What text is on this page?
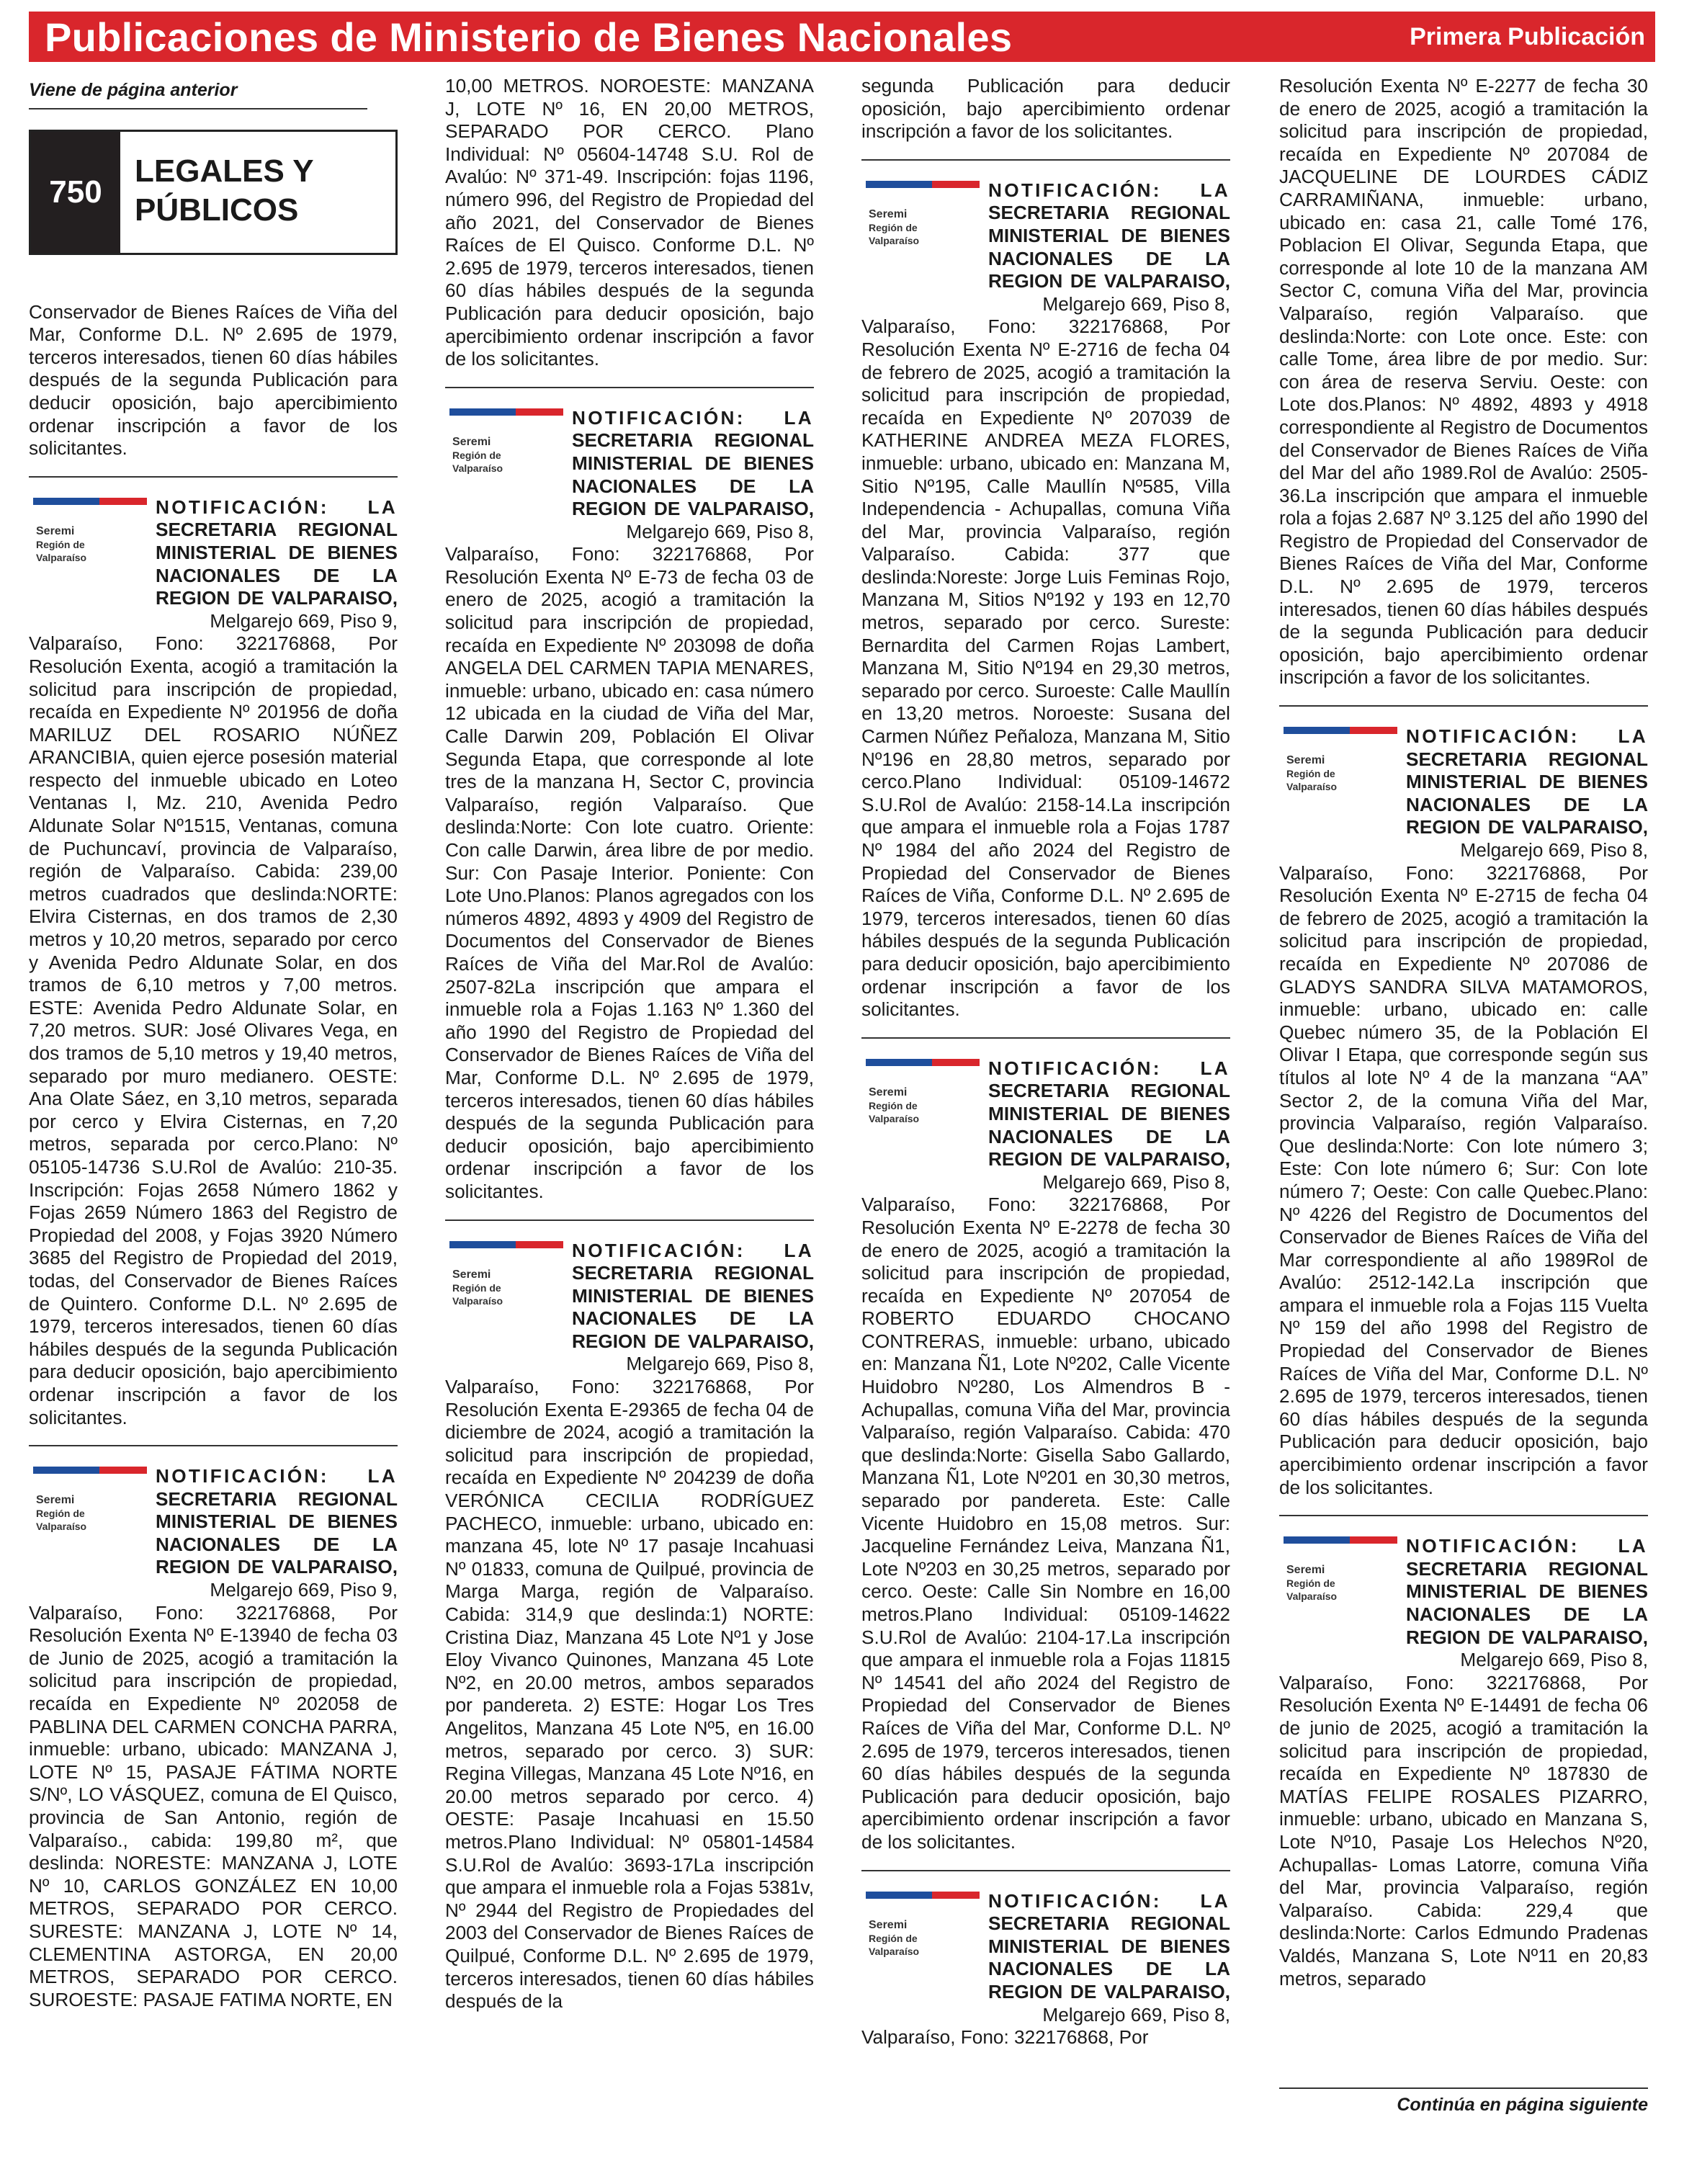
Publicaciones de Ministerio de Bienes Nacionales	Primera Publicación
Viene de página anterior
750
LEGALES Y
PÚBLICOS
Conservador de Bienes Raíces de Viña del Mar, Conforme D.L. Nº 2.695 de 1979, terceros interesados, tienen 60 días hábiles después de la segunda Publicación para deducir oposición, bajo apercibimiento ordenar inscripción a favor de los solicitantes.
Seremi
Región de
Valparaíso
NOTIFICACIÓN: LA
SECRETARIA REGIONAL
MINISTERIAL DE BIENES
NACIONALES DE LA
REGION DE VALPARAISO,
Melgarejo 669, Piso 9,
Valparaíso, Fono: 322176868, Por Resolución Exenta, acogió a tramitación la solicitud para inscripción de propiedad, recaída en Expediente Nº 201956 de doña MARILUZ DEL ROSARIO NÚÑEZ ARANCIBIA, quien ejerce posesión material respecto del inmueble ubicado en Loteo Ventanas I, Mz. 210, Avenida Pedro Aldunate Solar Nº1515, Ventanas, comuna de Puchuncaví, provincia de Valparaíso, región de Valparaíso. Cabida: 239,00 metros cuadrados que deslinda:NORTE: Elvira Cisternas, en dos tramos de 2,30 metros y 10,20 metros, separado por cerco y Avenida Pedro Aldunate Solar, en dos tramos de 6,10 metros y 7,00 metros. ESTE: Avenida Pedro Aldunate Solar, en 7,20 metros. SUR: José Olivares Vega, en dos tramos de 5,10 metros y 19,40 metros, separado por muro medianero. OESTE: Ana Olate Sáez, en 3,10 metros, separada por cerco y Elvira Cisternas, en 7,20 metros, separada por cerco.Plano: Nº 05105-14736 S.U.Rol de Avalúo: 210-35. Inscripción: Fojas 2658 Número 1862 y Fojas 2659 Número 1863 del Registro de Propiedad del 2008, y Fojas 3920 Número 3685 del Registro de Propiedad del 2019, todas, del Conservador de Bienes Raíces de Quintero. Conforme D.L. Nº 2.695 de 1979, terceros interesados, tienen 60 días hábiles después de la segunda Publicación para deducir oposición, bajo apercibimiento ordenar inscripción a favor de los solicitantes.
Seremi
Región de
Valparaíso
NOTIFICACIÓN: LA
SECRETARIA REGIONAL
MINISTERIAL DE BIENES
NACIONALES DE LA
REGION DE VALPARAISO,
Melgarejo 669, Piso 9,
Valparaíso, Fono: 322176868, Por Resolución Exenta Nº E-13940 de fecha 03 de Junio de 2025, acogió a tramitación la solicitud para inscripción de propiedad, recaída en Expediente Nº 202058 de PABLINA DEL CARMEN CONCHA PARRA, inmueble: urbano, ubicado: MANZANA J, LOTE Nº 15, PASAJE FÁTIMA NORTE S/Nº, LO VÁSQUEZ, comuna de El Quisco, provincia de San Antonio, región de Valparaíso., cabida: 199,80 m², que deslinda: NORESTE: MANZANA J, LOTE Nº 10, CARLOS GONZÁLEZ EN 10,00 METROS, SEPARADO POR CERCO. SURESTE: MANZANA J, LOTE Nº 14, CLEMENTINA ASTORGA, EN 20,00 METROS, SEPARADO POR CERCO. SUROESTE: PASAJE FATIMA NORTE, EN
10,00 METROS. NOROESTE: MANZANA J, LOTE Nº 16, EN 20,00 METROS, SEPARADO POR CERCO. Plano Individual: Nº 05604-14748 S.U. Rol de Avalúo: Nº 371-49. Inscripción: fojas 1196, número 996, del Registro de Propiedad del año 2021, del Conservador de Bienes Raíces de El Quisco. Conforme D.L. Nº 2.695 de 1979, terceros interesados, tienen 60 días hábiles después de la segunda Publicación para deducir oposición, bajo apercibimiento ordenar inscripción a favor de los solicitantes.
Seremi
Región de
Valparaíso
NOTIFICACIÓN: LA
SECRETARIA REGIONAL
MINISTERIAL DE BIENES
NACIONALES DE LA
REGION DE VALPARAISO,
Melgarejo 669, Piso 8,
Valparaíso, Fono: 322176868, Por Resolución Exenta Nº E-73 de fecha 03 de enero de 2025, acogió a tramitación la solicitud para inscripción de propiedad, recaída en Expediente Nº 203098 de doña ANGELA DEL CARMEN TAPIA MENARES, inmueble: urbano, ubicado en: casa número 12 ubicada en la ciudad de Viña del Mar, Calle Darwin 209, Población El Olivar Segunda Etapa, que corresponde al lote tres de la manzana H, Sector C, provincia Valparaíso, región Valparaíso. Que deslinda:Norte: Con lote cuatro. Oriente: Con calle Darwin, área libre de por medio. Sur: Con Pasaje Interior. Poniente: Con Lote Uno.Planos: Planos agregados con los números 4892, 4893 y 4909 del Registro de Documentos del Conservador de Bienes Raíces de Viña del Mar.Rol de Avalúo: 2507-82La inscripción que ampara el inmueble rola a Fojas 1.163 Nº 1.360 del año 1990 del Registro de Propiedad del Conservador de Bienes Raíces de Viña del Mar, Conforme D.L. Nº 2.695 de 1979, terceros interesados, tienen 60 días hábiles después de la segunda Publicación para deducir oposición, bajo apercibimiento ordenar inscripción a favor de los solicitantes.
Seremi
Región de
Valparaíso
NOTIFICACIÓN: LA
SECRETARIA REGIONAL
MINISTERIAL DE BIENES
NACIONALES DE LA
REGION DE VALPARAISO,
Melgarejo 669, Piso 8,
Valparaíso, Fono: 322176868, Por Resolución Exenta E-29365 de fecha 04 de diciembre de 2024, acogió a tramitación la solicitud para inscripción de propiedad, recaída en Expediente Nº 204239 de doña VERÓNICA CECILIA RODRÍGUEZ PACHECO, inmueble: urbano, ubicado en: manzana 45, lote Nº 17 pasaje Incahuasi Nº 01833, comuna de Quilpué, provincia de Marga Marga, región de Valparaíso. Cabida: 314,9 que deslinda:1) NORTE: Cristina Diaz, Manzana 45 Lote Nº1 y Jose Eloy Vivanco Quinones, Manzana 45 Lote Nº2, en 20.00 metros, ambos separados por pandereta. 2) ESTE: Hogar Los Tres Angelitos, Manzana 45 Lote Nº5, en 16.00 metros, separado por cerco. 3) SUR: Regina Villegas, Manzana 45 Lote Nº16, en 20.00 metros separado por cerco. 4) OESTE: Pasaje Incahuasi en 15.50 metros.Plano Individual: Nº 05801-14584 S.U.Rol de Avalúo: 3693-17La inscripción que ampara el inmueble rola a Fojas 5381v, Nº 2944 del Registro de Propiedades del 2003 del Conservador de Bienes Raíces de Quilpué, Conforme D.L. Nº 2.695 de 1979, terceros interesados, tienen 60 días hábiles después de la
segunda Publicación para deducir oposición, bajo apercibimiento ordenar inscripción a favor de los solicitantes.
Seremi
Región de
Valparaíso
NOTIFICACIÓN: LA
SECRETARIA REGIONAL
MINISTERIAL DE BIENES
NACIONALES DE LA
REGION DE VALPARAISO,
Melgarejo 669, Piso 8,
Valparaíso, Fono: 322176868, Por Resolución Exenta Nº E-2716 de fecha 04 de febrero de 2025, acogió a tramitación la solicitud para inscripción de propiedad, recaída en Expediente Nº 207039 de KATHERINE ANDREA MEZA FLORES, inmueble: urbano, ubicado en: Manzana M, Sitio Nº195, Calle Maullín Nº585, Villa Independencia - Achupallas, comuna Viña del Mar, provincia Valparaíso, región Valparaíso. Cabida: 377 que deslinda:Noreste: Jorge Luis Feminas Rojo, Manzana M, Sitios Nº192 y 193 en 12,70 metros, separado por cerco. Sureste: Bernardita del Carmen Rojas Lambert, Manzana M, Sitio Nº194 en 29,30 metros, separado por cerco. Suroeste: Calle Maullín en 13,20 metros. Noroeste: Susana del Carmen Núñez Peñaloza, Manzana M, Sitio Nº196 en 28,80 metros, separado por cerco.Plano Individual: 05109-14672 S.U.Rol de Avalúo: 2158-14.La inscripción que ampara el inmueble rola a Fojas 1787 Nº 1984 del año 2024 del Registro de Propiedad del Conservador de Bienes Raíces de Viña, Conforme D.L. Nº 2.695 de 1979, terceros interesados, tienen 60 días hábiles después de la segunda Publicación para deducir oposición, bajo apercibimiento ordenar inscripción a favor de los solicitantes.
Seremi
Región de
Valparaíso
NOTIFICACIÓN: LA
SECRETARIA REGIONAL
MINISTERIAL DE BIENES
NACIONALES DE LA
REGION DE VALPARAISO,
Melgarejo 669, Piso 8,
Valparaíso, Fono: 322176868, Por Resolución Exenta Nº E-2278 de fecha 30 de enero de 2025, acogió a tramitación la solicitud para inscripción de propiedad, recaída en Expediente Nº 207054 de ROBERTO EDUARDO CHOCANO CONTRERAS, inmueble: urbano, ubicado en: Manzana Ñ1, Lote Nº202, Calle Vicente Huidobro Nº280, Los Almendros B - Achupallas, comuna Viña del Mar, provincia Valparaíso, región Valparaíso. Cabida: 470 que deslinda:Norte: Gisella Sabo Gallardo, Manzana Ñ1, Lote Nº201 en 30,30 metros, separado por pandereta. Este: Calle Vicente Huidobro en 15,08 metros. Sur: Jacqueline Fernández Leiva, Manzana Ñ1, Lote Nº203 en 30,25 metros, separado por cerco. Oeste: Calle Sin Nombre en 16,00 metros.Plano Individual: 05109-14622 S.U.Rol de Avalúo: 2104-17.La inscripción que ampara el inmueble rola a Fojas 11815 Nº 14541 del año 2024 del Registro de Propiedad del Conservador de Bienes Raíces de Viña del Mar, Conforme D.L. Nº 2.695 de 1979, terceros interesados, tienen 60 días hábiles después de la segunda Publicación para deducir oposición, bajo apercibimiento ordenar inscripción a favor de los solicitantes.
Seremi
Región de
Valparaíso
NOTIFICACIÓN: LA
SECRETARIA REGIONAL
MINISTERIAL DE BIENES
NACIONALES DE LA
REGION DE VALPARAISO,
Melgarejo 669, Piso 8,
Valparaíso, Fono: 322176868, Por
Resolución Exenta Nº E-2277 de fecha 30 de enero de 2025, acogió a tramitación la solicitud para inscripción de propiedad, recaída en Expediente Nº 207084 de JACQUELINE DE LOURDES CÁDIZ CARRAMIÑANA, inmueble: urbano, ubicado en: casa 21, calle Tomé 176, Poblacion El Olivar, Segunda Etapa, que corresponde al lote 10 de la manzana AM Sector C, comuna Viña del Mar, provincia Valparaíso, región Valparaíso. que deslinda:Norte: con Lote once. Este: con calle Tome, área libre de por medio. Sur: con área de reserva Serviu. Oeste: con Lote dos.Planos: Nº 4892, 4893 y 4918 correspondiente al Registro de Documentos del Conservador de Bienes Raíces de Viña del Mar del año 1989.Rol de Avalúo: 2505-36.La inscripción que ampara el inmueble rola a fojas 2.687 Nº 3.125 del año 1990 del Registro de Propiedad del Conservador de Bienes Raíces de Viña del Mar, Conforme D.L. Nº 2.695 de 1979, terceros interesados, tienen 60 días hábiles después de la segunda Publicación para deducir oposición, bajo apercibimiento ordenar inscripción a favor de los solicitantes.
Seremi
Región de
Valparaíso
NOTIFICACIÓN: LA
SECRETARIA REGIONAL
MINISTERIAL DE BIENES
NACIONALES DE LA
REGION DE VALPARAISO,
Melgarejo 669, Piso 8,
Valparaíso, Fono: 322176868, Por Resolución Exenta Nº E-2715 de fecha 04 de febrero de 2025, acogió a tramitación la solicitud para inscripción de propiedad, recaída en Expediente Nº 207086 de GLADYS SANDRA SILVA MATAMOROS, inmueble: urbano, ubicado en: calle Quebec número 35, de la Población El Olivar I Etapa, que corresponde según sus títulos al lote Nº 4 de la manzana “AA” Sector 2, de la comuna Viña del Mar, provincia Valparaíso, región Valparaíso. Que deslinda:Norte: Con lote número 3; Este: Con lote número 6; Sur: Con lote número 7; Oeste: Con calle Quebec.Plano: Nº 4226 del Registro de Documentos del Conservador de Bienes Raíces de Viña del Mar correspondiente al año 1989Rol de Avalúo: 2512-142.La inscripción que ampara el inmueble rola a Fojas 115 Vuelta Nº 159 del año 1998 del Registro de Propiedad del Conservador de Bienes Raíces de Viña del Mar, Conforme D.L. Nº 2.695 de 1979, terceros interesados, tienen 60 días hábiles después de la segunda Publicación para deducir oposición, bajo apercibimiento ordenar inscripción a favor de los solicitantes.
Seremi
Región de
Valparaíso
NOTIFICACIÓN: LA
SECRETARIA REGIONAL
MINISTERIAL DE BIENES
NACIONALES DE LA
REGION DE VALPARAISO,
Melgarejo 669, Piso 8,
Valparaíso, Fono: 322176868, Por Resolución Exenta Nº E-14491 de fecha 06 de junio de 2025, acogió a tramitación la solicitud para inscripción de propiedad, recaída en Expediente Nº 187830 de MATÍAS FELIPE ROSALES PIZARRO, inmueble: urbano, ubicado en Manzana S, Lote Nº10, Pasaje Los Helechos Nº20, Achupallas- Lomas Latorre, comuna Viña del Mar, provincia Valparaíso, región Valparaíso. Cabida: 229,4 que deslinda:Norte: Carlos Edmundo Pradenas Valdés, Manzana S, Lote Nº11 en 20,83 metros, separado
Continúa en página siguiente
